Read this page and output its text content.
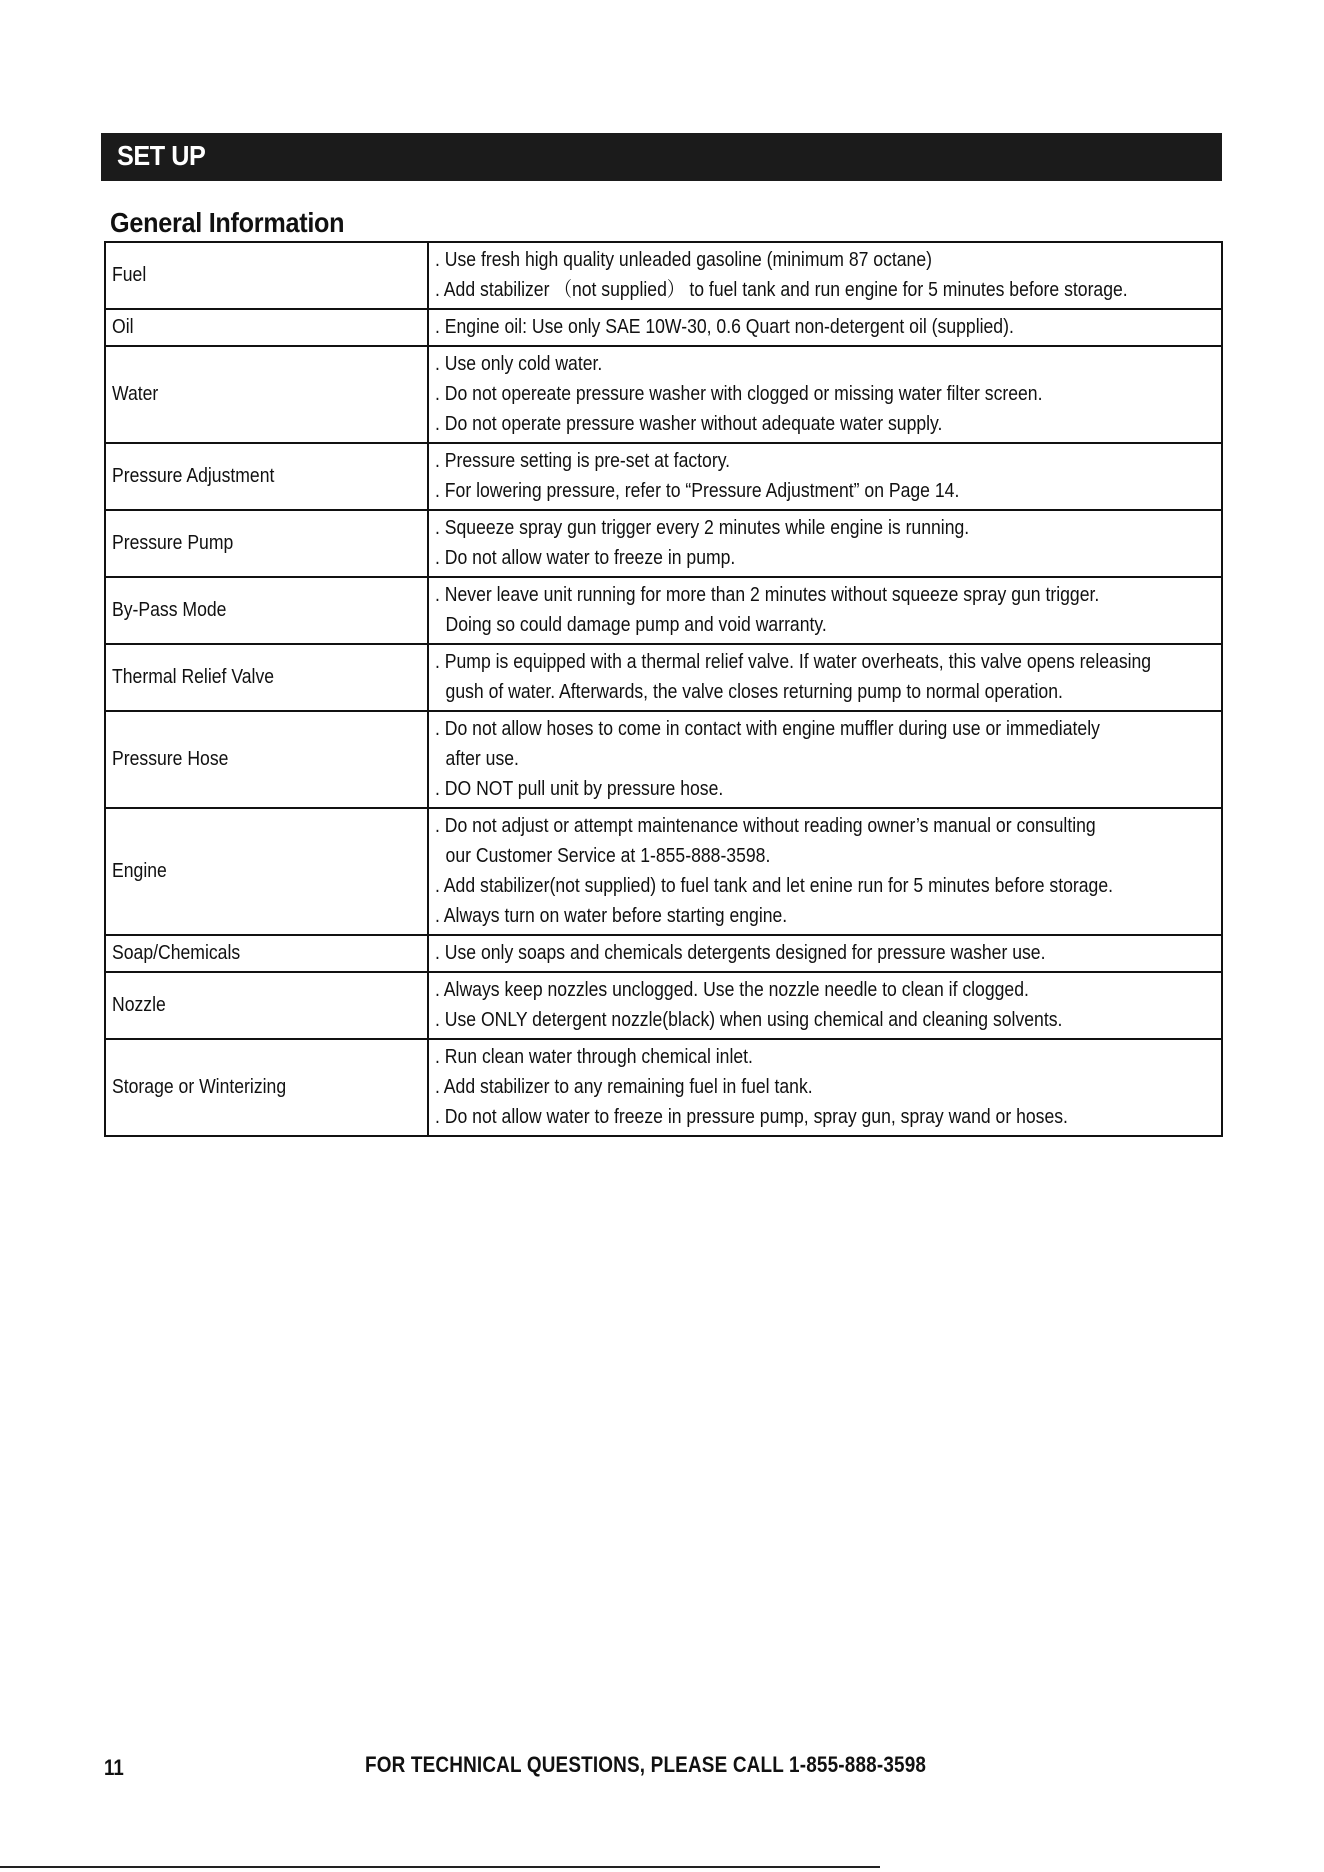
SET UP
General Information
Fuel	. Use fresh high quality unleaded gasoline (minimum 87 octane)
. Add stabilizer （not supplied） to fuel tank and run engine for 5 minutes before storage.

Oil	. Engine oil: Use only SAE 10W-30, 0.6 Quart non-detergent oil (supplied).

Water	. Use only cold water.
. Do not opereate pressure washer with clogged or missing water filter screen.
. Do not operate pressure washer without adequate water supply.

Pressure Adjustment	. Pressure setting is pre-set at factory.
. For lowering pressure, refer to “Pressure Adjustment” on Page 14.

Pressure Pump	. Squeeze spray gun trigger every 2 minutes while engine is running.
. Do not allow water to freeze in pump.

By-Pass Mode	. Never leave unit running for more than 2 minutes without squeeze spray gun trigger.
Doing so could damage pump and void warranty.

Thermal Relief Valve	. Pump is equipped with a thermal relief valve. If water overheats, this valve opens releasing
gush of water. Afterwards, the valve closes returning pump to normal operation.

Pressure Hose	. Do not allow hoses to come in contact with engine muffler during use or immediately
after use.
. DO NOT pull unit by pressure hose.

Engine	. Do not adjust or attempt maintenance without reading owner’s manual or consulting
our Customer Service at 1-855-888-3598.
. Add stabilizer(not supplied) to fuel tank and let enine run for 5 minutes before storage.
. Always turn on water before starting engine.

Soap/Chemicals	. Use only soaps and chemicals detergents designed for pressure washer use.

Nozzle	. Always keep nozzles unclogged. Use the nozzle needle to clean if clogged.
. Use ONLY detergent nozzle(black) when using chemical and cleaning solvents.

Storage or Winterizing	. Run clean water through chemical inlet.
. Add stabilizer to any remaining fuel in fuel tank.
. Do not allow water to freeze in pressure pump, spray gun, spray wand or hoses.
11	FOR TECHNICAL QUESTIONS, PLEASE CALL 1-855-888-3598
